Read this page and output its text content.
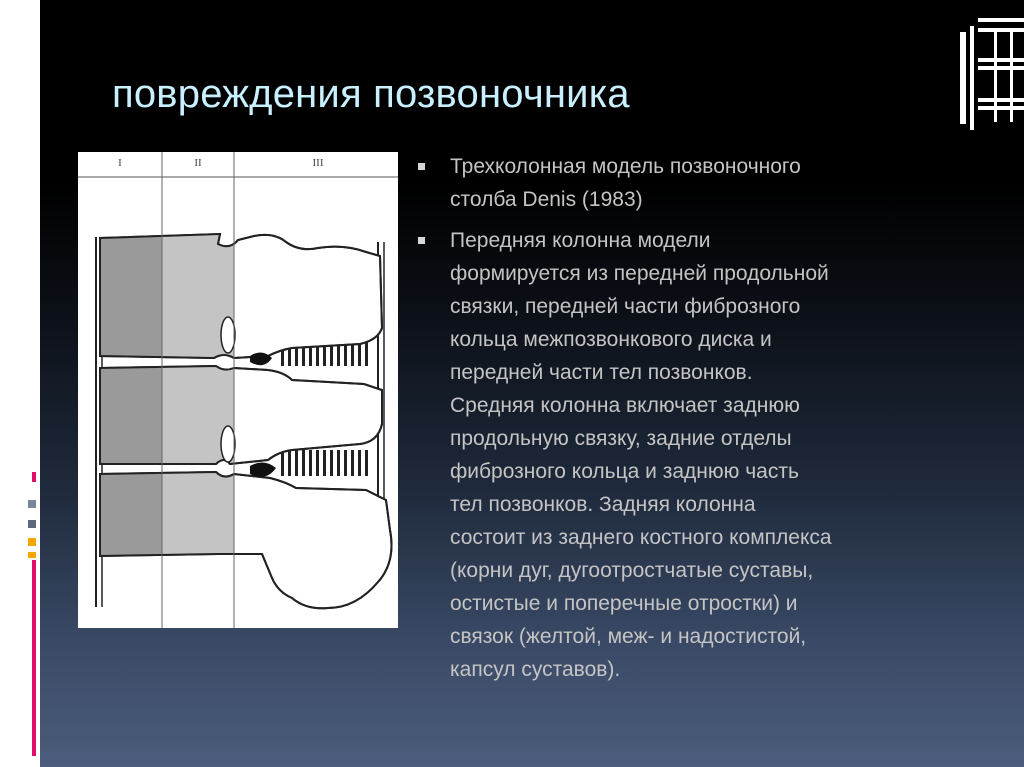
повреждения позвоночника
I	II	III	Трехколонная модель позвоночного
столба Denis (1983)
Передняя колонна модели
формируется из передней продольной
связки, передней части фиброзного
кольца межпозвонкового диска и
передней части тел позвонков.
Средняя колонна включает заднюю
продольную связку, задние отделы
фиброзного кольца и заднюю часть
тел позвонков. Задняя колонна
состоит из заднего костного комплекса
(корни дуг, дугоотростчатые суставы,
остистые и поперечные отростки) и
связок (желтой, меж- и надостистой,
капсул суставов).
